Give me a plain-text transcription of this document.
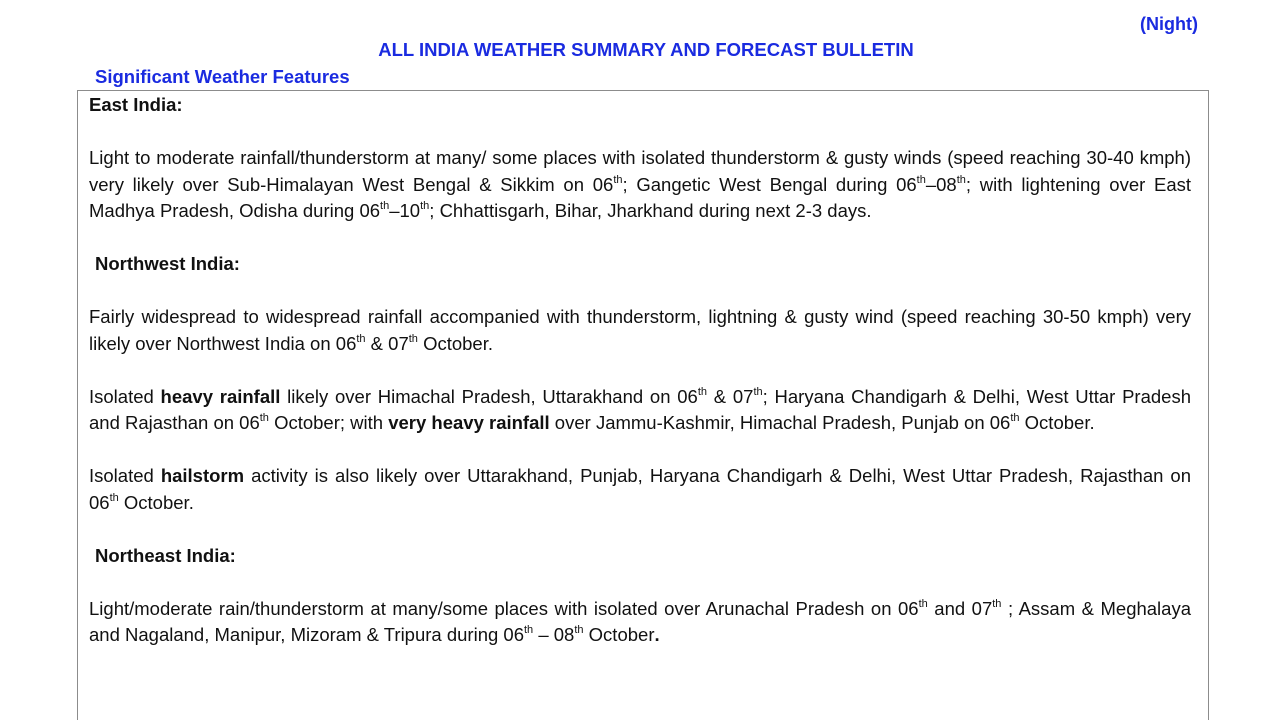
(Night)
ALL INDIA WEATHER SUMMARY AND FORECAST BULLETIN
Significant Weather Features

East India:

Light to moderate rainfall/thunderstorm at many/ some places with isolated thunderstorm & gusty winds (speed reaching 30-40 kmph) very likely over Sub-Himalayan West Bengal & Sikkim on 06th; Gangetic West Bengal during 06th–08th; with lightening over East Madhya Pradesh, Odisha during 06th–10th; Chhattisgarh, Bihar, Jharkhand during next 2-3 days.

Northwest India:

Fairly widespread to widespread rainfall accompanied with thunderstorm, lightning & gusty wind (speed reaching 30-50 kmph) very likely over Northwest India on 06th & 07th October.

Isolated heavy rainfall likely over Himachal Pradesh, Uttarakhand on 06th & 07th; Haryana Chandigarh & Delhi, West Uttar Pradesh and Rajasthan on 06th October; with very heavy rainfall over Jammu-Kashmir, Himachal Pradesh, Punjab on 06th October.

Isolated hailstorm activity is also likely over Uttarakhand, Punjab, Haryana Chandigarh & Delhi, West Uttar Pradesh, Rajasthan on 06th October.

Northeast India:

Light/moderate rain/thunderstorm at many/some places with isolated over Arunachal Pradesh on 06th and 07th ; Assam & Meghalaya and Nagaland, Manipur, Mizoram & Tripura during 06th – 08th October.
